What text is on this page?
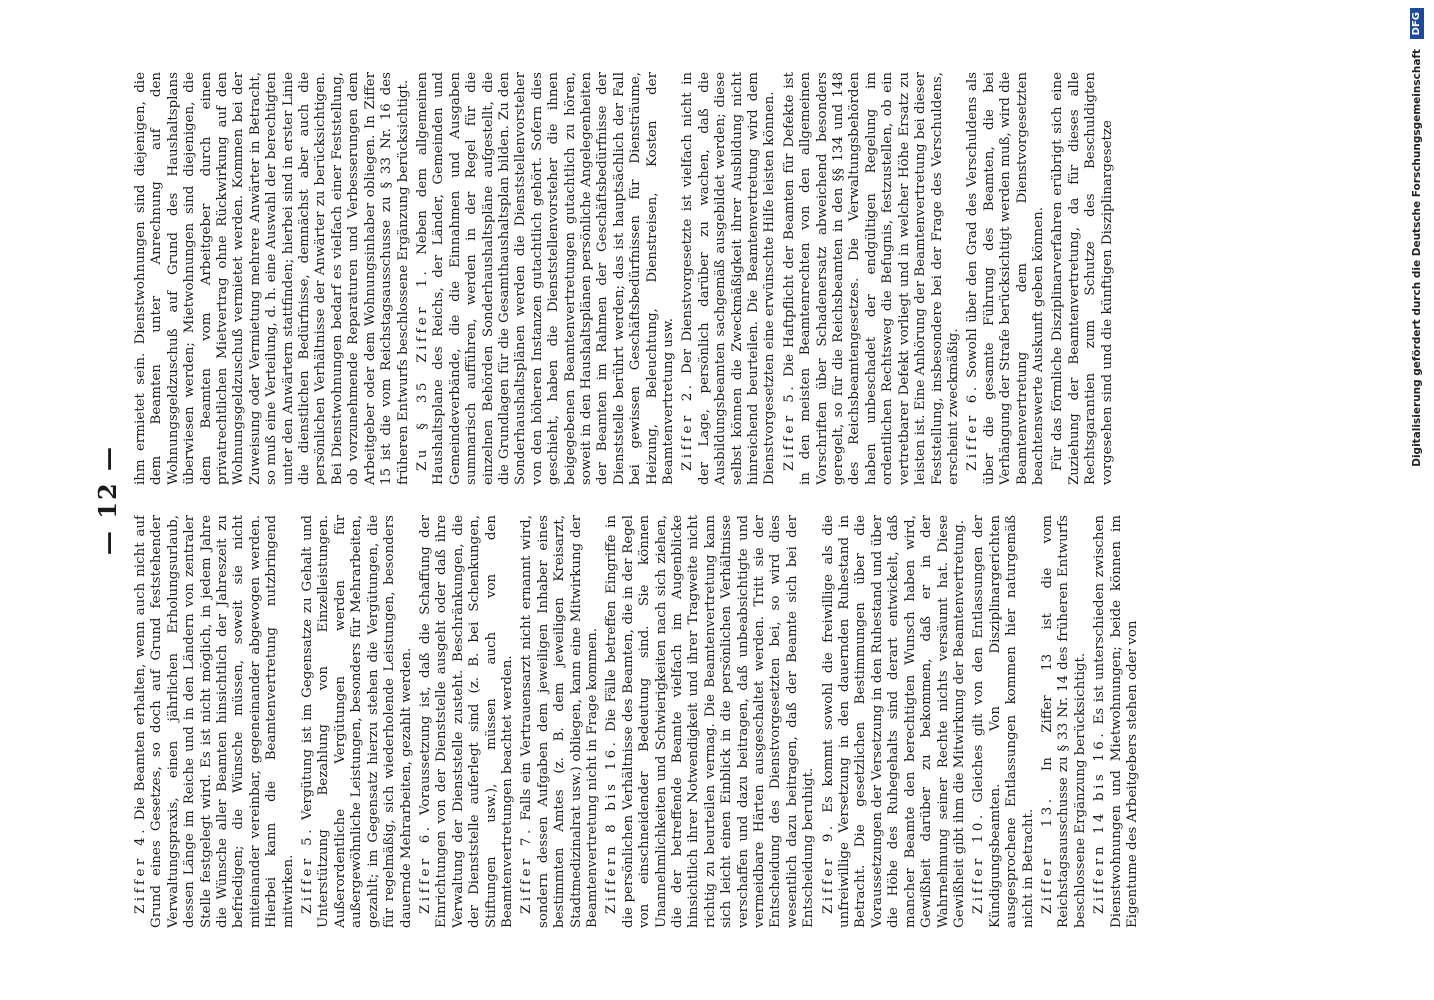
— 12 —

Ziffer 4. Die Beamten erhalten, wenn auch nicht auf Grund eines Gesetzes, so doch auf Grund feststehender Verwaltungspraxis, einen jährlichen Erholungsurlaub, dessen Länge im Reiche und in den Ländern von zentraler Stelle festgelegt wird. Es ist nicht möglich, in jedem Jahre die Wünsche aller Beamten hinsichtlich der Jahreszeit zu befriedigen; die Wünsche müssen, soweit sie nicht miteinander vereinbar, gegeneinander abgewogen werden. Hierbei kann die Beamtenvertretung nutzbringend mitwirken. Ziffer 5. Vergütung ist im Gegensatze zu Gehalt und Unterstützung Bezahlung von Einzelleistungen. Außerordentliche Vergütungen werden für außergewöhnliche Leistungen, besonders für Mehrarbeiten, gezahlt; im Gegensatz hierzu stehen die Vergütungen, die für regelmäßig, sich wiederholende Leistungen, besonders dauernde Mehrarbeiten, gezahlt werden. Ziffer 6. Voraussetzung ist, daß die Schaffung der Einrichtungen von der Dienststelle ausgeht oder daß ihre Verwaltung der Dienststelle zusteht. Beschränkungen, die der Dienststelle auferlegt sind (z. B. bei Schenkungen, Stiftungen usw.), müssen auch von den Beamtenvertretungen beachtet werden. Ziffer 7. Falls ein Vertrauensarzt nicht ernannt wird, sondern dessen Aufgaben dem jeweiligen Inhaber eines bestimmten Amtes (z. B. dem jeweiligen Kreisarzt, Stadtmedizinalrat usw.) obliegen, kann eine Mitwirkung der Beamtenvertretung nicht in Frage kommen. Ziffern 8 bis 16. Die Fälle betreffen Eingriffe in die persönlichen Verhältnisse des Beamten, die in der Regel von einschneidender Bedeutung sind. Sie können Unannehmlichkeiten und Schwierigkeiten nach sich ziehen, die der betreffende Beamte vielfach im Augenblicke hinsichtlich ihrer Notwendigkeit und ihrer Tragweite nicht richtig zu beurteilen vermag. Die Beamtenvertretung kann sich leicht einen Einblick in die persönlichen Verhältnisse verschaffen und dazu beitragen, daß unbeabsichtigte und vermeidbare Härten ausgeschaltet werden. Tritt sie der Entscheidung des Dienstvorgesetzten bei, so wird dies wesentlich dazu beitragen, daß der Beamte sich bei der Entscheidung beruhigt. Ziffer 9. Es kommt sowohl die freiwillige als die unfreiwillige Versetzung in den dauernden Ruhestand in Betracht. Die gesetzlichen Bestimmungen über die Voraussetzungen der Versetzung in den Ruhestand und über die Höhe des Ruhegehalts sind derart entwickelt, daß mancher Beamte den berechtigten Wunsch haben wird, Gewißheit darüber zu bekommen, daß er in der Wahrnehmung seiner Rechte nichts versäumt hat. Diese Gewißheit gibt ihm die Mitwirkung der Beamtenvertretung. Ziffer 10. Gleiches gilt von den Entlassungen der Kündigungsbeamten. Von Disziplinargerichten ausgesprochene Entlassungen kommen hier naturgemäß nicht in Betracht. Ziffer 13. In Ziffer 13 ist die vom Reichstagsausschusse zu § 33 Nr. 14 des früheren Entwurfs beschlossene Ergänzung berücksichtigt. Ziffern 14 bis 16. Es ist unterschieden zwischen Dienstwohnungen und Mietwohnungen; beide können im Eigentume des Arbeitgebers stehen oder von

ihm ermietet sein. Dienstwohnungen sind diejenigen, die dem Beamten unter Anrechnung auf den Wohnungsgeldzuschuß auf Grund des Haushaltsplans überwiesen werden; Mietwohnungen sind diejenigen, die dem Beamten vom Arbeitgeber durch einen privatrechtlichen Mietvertrag ohne Rückwirkung auf den Wohnungsgeldzuschuß vermietet werden. Kommen bei der Zuweisung oder Vermietung mehrere Anwärter in Betracht, so muß eine Verteilung, d. h. eine Auswahl der berechtigten unter den Anwärtern stattfinden; hierbei sind in erster Linie die dienstlichen Bedürfnisse, demnächst aber auch die persönlichen Verhältnisse der Anwärter zu berücksichtigen. Bei Dienstwohnungen bedarf es vielfach einer Feststellung, ob vorzunehmende Reparaturen und Verbesserungen dem Arbeitgeber oder dem Wohnungsinhaber obliegen. In Ziffer 15 ist die vom Reichstagsausschusse zu § 33 Nr. 16 des früheren Entwurfs beschlossene Ergänzung berücksichtigt. Zu § 35 Ziffer 1. Neben dem allgemeinen Haushaltsplane des Reichs, der Länder, Gemeinden und Gemeindeverbände, die die Einnahmen und Ausgaben summarisch aufführen, werden in der Regel für die einzelnen Behörden Sonderhaushaltspläne aufgestellt, die die Grundlagen für die Gesamthaushaltsplan bilden. Zu den Sonderhaushaltsplänen werden die Dienststellenvorsteher von den höheren Instanzen gutachtlich gehört. Sofern dies geschieht, haben die Dienststellenvorsteher die ihnen beigegebenen Beamtenvertretungen gutachtlich zu hören, soweit in den Haushaltsplänen persönliche Angelegenheiten der Beamten im Rahmen der Geschäftsbedürfnisse der Dienststelle berührt werden; das ist hauptsächlich der Fall bei gewissen Geschäftsbedürfnissen für Diensträume, Heizung, Beleuchtung, Dienstreisen, Kosten der Beamtenvertretung usw. Ziffer 2. Der Dienstvorgesetzte ist vielfach nicht in der Lage, persönlich darüber zu wachen, daß die Ausbildungsbeamten sachgemäß ausgebildet werden; diese selbst können die Zweckmäßigkeit ihrer Ausbildung nicht hinreichend beurteilen. Die Beamtenvertretung wird dem Dienstvorgesetzten eine erwünschte Hilfe leisten können. Ziffer 5. Die Haftpflicht der Beamten für Defekte ist in den meisten Beamtenrechten von den allgemeinen Vorschriften über Schadenersatz abweichend besonders geregelt, so für die Reichsbeamten in den §§ 134 und 148 des Reichsbeamtengesetzes. Die Verwaltungsbehörden haben unbeschadet der endgültigen Regelung im ordentlichen Rechtsweg die Befugnis, festzustellen, ob ein vertretbarer Defekt vorliegt und in welcher Höhe Ersatz zu leisten ist. Eine Anhörung der Beamtenvertretung bei dieser Feststellung, insbesondere bei der Frage des Verschuldens, erscheint zweckmäßig. Ziffer 6. Sowohl über den Grad des Verschuldens als über die gesamte Führung des Beamten, die bei Verhängung der Strafe berücksichtigt werden muß, wird die Beamtenvertretung dem Dienstvorgesetzten beachtenswerte Auskunft geben können. Für das förmliche Disziplinarverfahren erübrigt sich eine Zuziehung der Beamtenvertretung, da für dieses alle Rechtsgarantien zum Schutze des Beschuldigten vorgesehen sind und die künftigen Disziplinargesetze	Digitalisierung gefördert durch die Deutsche Forschungsgemeinschaft DFG
